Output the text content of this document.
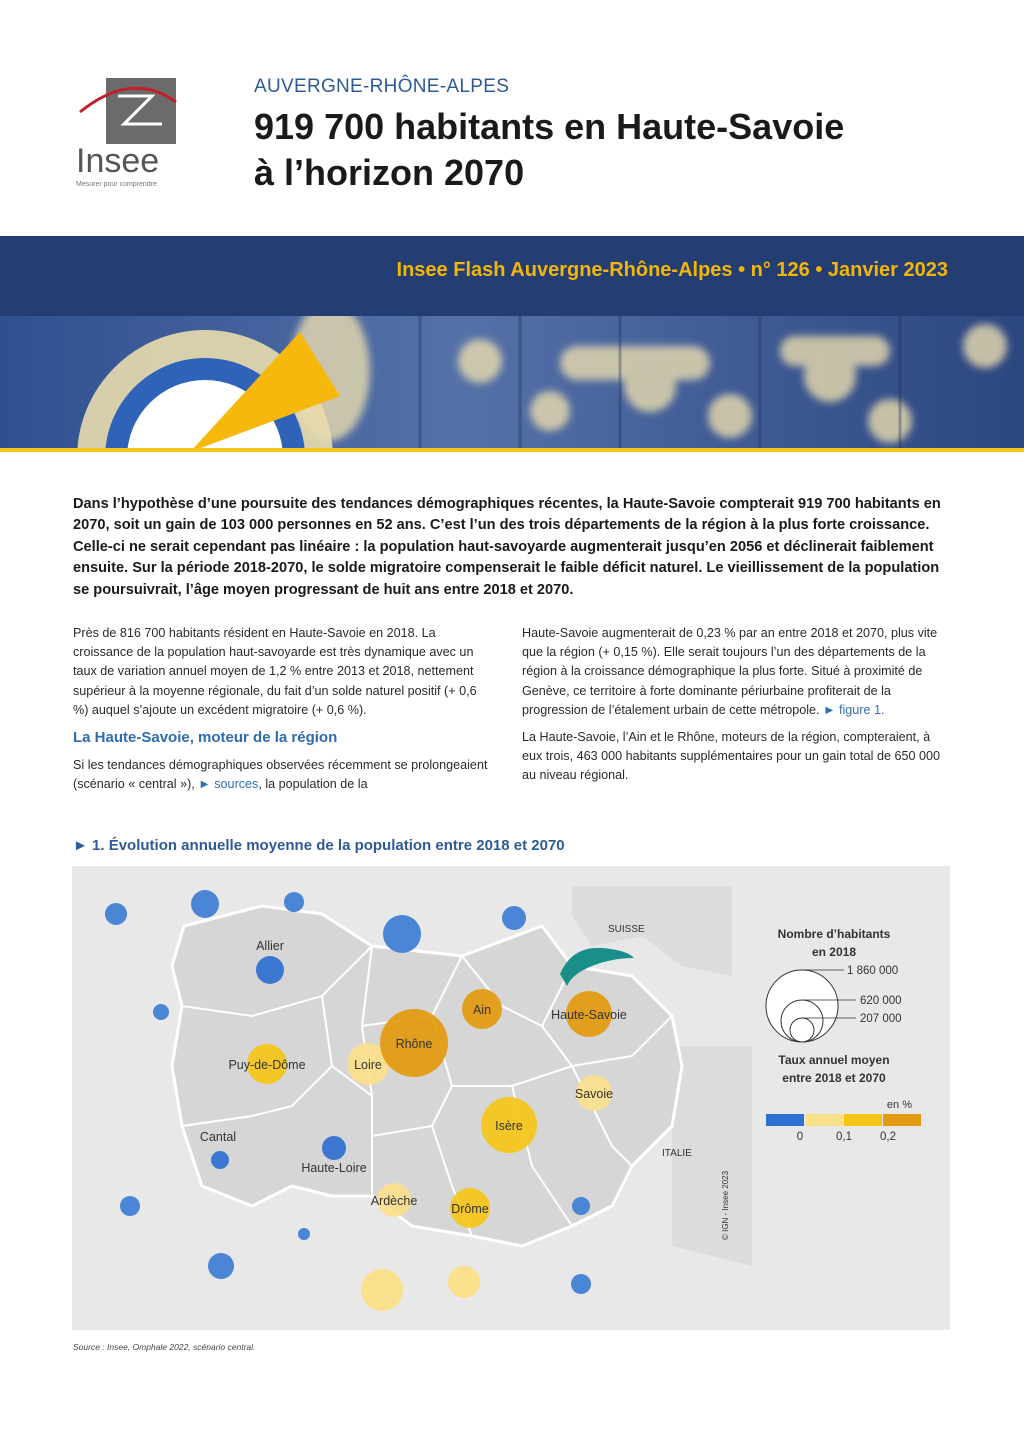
Insee
Mesurer pour comprendre
AUVERGNE-RHÔNE-ALPES
919 700 habitants en Haute-Savoie
à l’horizon 2070
Insee Flash Auvergne-Rhône-Alpes • n° 126 • Janvier 2023
Dans l’hypothèse d’une poursuite des tendances démographiques récentes, la Haute-Savoie compterait 919 700 habitants en 2070, soit un gain de 103 000 personnes en 52 ans. C’est l’un des trois départements de la région à la plus forte croissance. Celle-ci ne serait cependant pas linéaire : la population haut-savoyarde augmenterait jusqu’en 2056 et déclinerait faiblement ensuite. Sur la période 2018-2070, le solde migratoire compenserait le faible déficit naturel. Le vieillissement de la population se poursuivrait, l’âge moyen progressant de huit ans entre 2018 et 2070.

Près de 816 700 habitants résident en Haute-Savoie en 2018. La croissance de la population haut-savoyarde est très dynamique avec un taux de variation annuel moyen de 1,2 % entre 2013 et 2018, nettement supérieur à la moyenne régionale, du fait d’un solde naturel positif (+ 0,6 %) auquel s’ajoute un excédent migratoire (+ 0,6 %).

La Haute-Savoie, moteur de la région

Si les tendances démographiques observées récemment se prolongeaient (scénario « central »), ► sources, la population de la

Haute-Savoie augmenterait de 0,23 % par an entre 2018 et 2070, plus vite que la région (+ 0,15 %). Elle serait toujours l’un des départements de la région à la croissance démographique la plus forte. Situé à proximité de Genève, ce territoire à forte dominante périurbaine profiterait de la progression de l’étalement urbain de cette métropole. ► figure 1.

La Haute-Savoie, l’Ain et le Rhône, moteurs de la région, compteraient, à eux trois, 463 000 habitants supplémentaires pour un gain total de 650 000 au niveau régional.

► 1. Évolution annuelle moyenne de la population entre 2018 et 2070
Allier
Puy-de-Dôme
Cantal
Haute-Loire
Loire
Rhône
Ain	Haute-Savoie
Savoie
Isère
Ardèche
Drôme
SUISSE
ITALIE
© IGN - Insee 2023
Nombre d’habitants
en 2018
1 860 000
620 000
207 000
Taux annuel moyen
entre 2018 et 2070
en %
0	0,1 0,2
Source : Insee, Omphale 2022, scénario central.
